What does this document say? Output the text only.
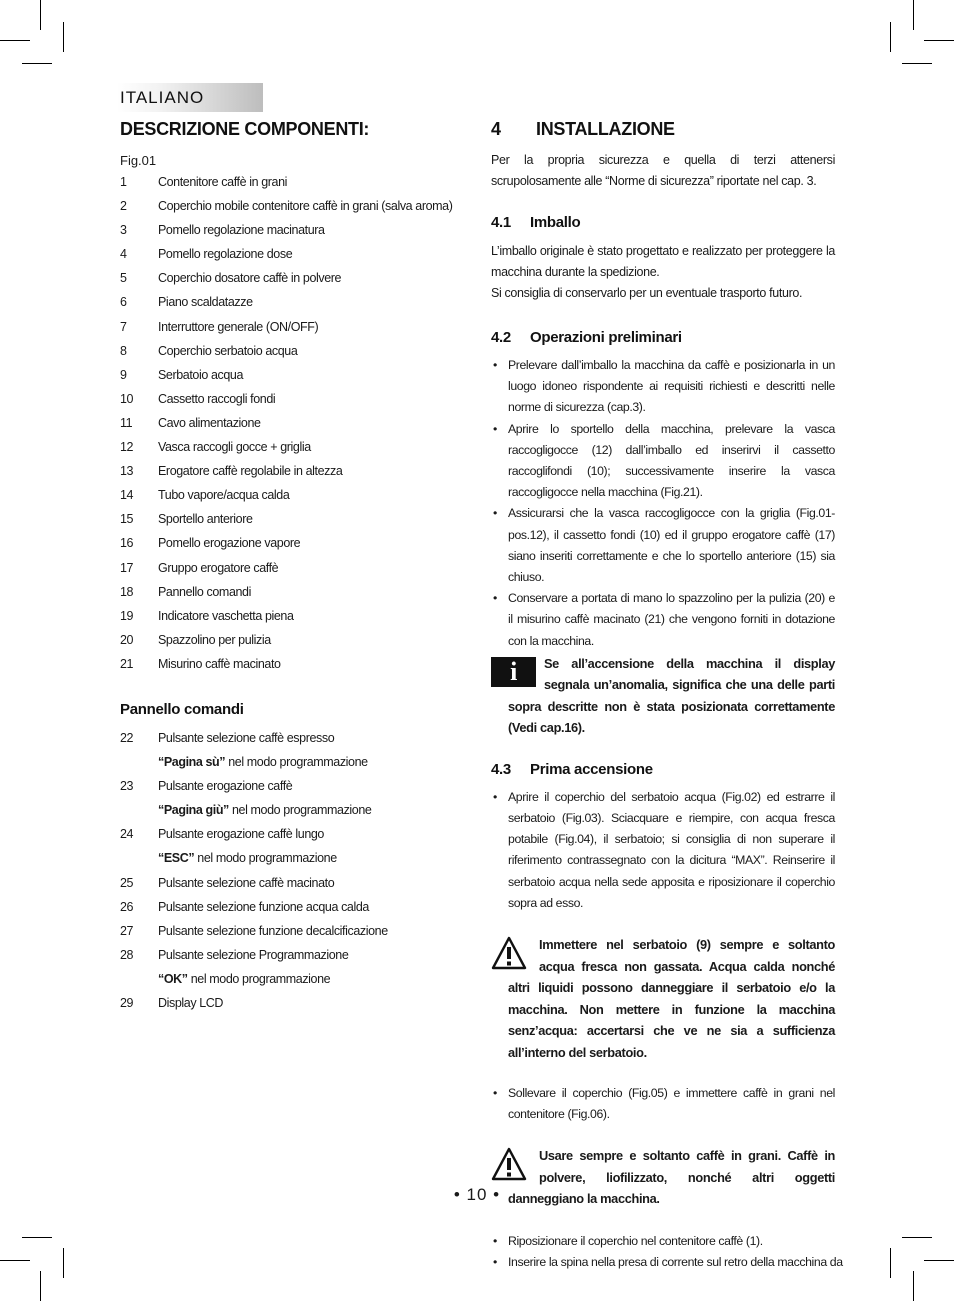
ITALIANO
DESCRIZIONE COMPONENTI:
Fig.01
1	Contenitore caffè in grani
2	Coperchio mobile contenitore caffè in grani (salva aroma)
3	Pomello regolazione macinatura
4	Pomello regolazione dose
5	Coperchio dosatore caffè in polvere
6	Piano scaldatazze
7	Interruttore generale (ON/OFF)
8	Coperchio serbatoio acqua
9	Serbatoio acqua
10 Cassetto raccogli fondi
11 Cavo alimentazione
12 Vasca raccogli gocce + griglia
13 Erogatore caffè regolabile in altezza
14 Tubo vapore/acqua calda
15 Sportello anteriore
16 Pomello erogazione vapore
17 Gruppo erogatore caffè
18 Pannello comandi
19 Indicatore vaschetta piena
20 Spazzolino per pulizia
21 Misurino caffè macinato
Pannello comandi
22 Pulsante selezione caffè espresso
“Pagina sù” nel modo programmazione
23 Pulsante erogazione caffè
“Pagina giù” nel modo programmazione
24 Pulsante erogazione caffè lungo
“ESC” nel modo programmazione
25 Pulsante selezione caffè macinato
26 Pulsante selezione funzione acqua calda
27 Pulsante selezione funzione decalcificazione
28 Pulsante selezione Programmazione
“OK” nel modo programmazione
29 Display LCD
4 INSTALLAZIONE

Per la propria sicurezza e quella di terzi attenersi scrupolosamente alle “Norme di sicurezza” riportate nel cap. 3.

4.1 Imballo

L’imballo originale è stato progettato e realizzato per proteggere la macchina durante la spedizione.

Si consiglia di conservarlo per un eventuale trasporto futuro.

4.2 Operazioni preliminari
• Prelevare dall’imballo la macchina da caffè e posizionarla in un luogo idoneo rispondente ai requisiti richiesti e descritti nelle norme di sicurezza (cap.3).
• Aprire lo sportello della macchina, prelevare la vasca raccogligocce (12) dall’imballo ed inserirvi il cassetto raccoglifondi (10); successivamente inserire la vasca raccogligocce nella macchina (Fig.21).
• Assicurarsi che la vasca raccogligocce con la griglia (Fig.01-pos.12), il cassetto fondi (10) ed il gruppo erogatore caffè (17) siano inseriti correttamente e che lo sportello anteriore (15) sia chiuso.
• Conservare a portata di mano lo spazzolino per la pulizia (20) e il misurino caffè macinato (21) che vengono forniti in dotazione con la macchina.
i	Se all’accensione della macchina il display segnala un’anomalia, significa che una delle parti sopra descritte non è stata posizionata correttamente (Vedi cap.16).
4.3 Prima accensione
• Aprire il coperchio del serbatoio acqua (Fig.02) ed estrarre il serbatoio (Fig.03). Sciacquare e riempire, con acqua fresca potabile (Fig.04), il serbatoio; si consiglia di non superare il riferimento contrassegnato con la dicitura “MAX”. Reinserire il serbatoio acqua nella sede apposita e riposizionare il coperchio sopra ad esso.
Immettere nel serbatoio (9) sempre e soltanto acqua fresca non gassata. Acqua calda nonché altri liquidi possono danneggiare il serbatoio e/o la macchina. Non mettere in funzione la macchina senz’acqua: accertarsi che ve ne sia a sufficienza all’interno del serbatoio.
• Sollevare il coperchio (Fig.05) e immettere caffè in grani nel contenitore (Fig.06).
Usare sempre e soltanto caffè in grani. Caffè in polvere, liofilizzato, nonché altri oggetti danneggiano la macchina.
• Riposizionare il coperchio nel contenitore caffè (1).
• Inserire la spina nella presa di corrente sul retro della macchina da
• 10 •
